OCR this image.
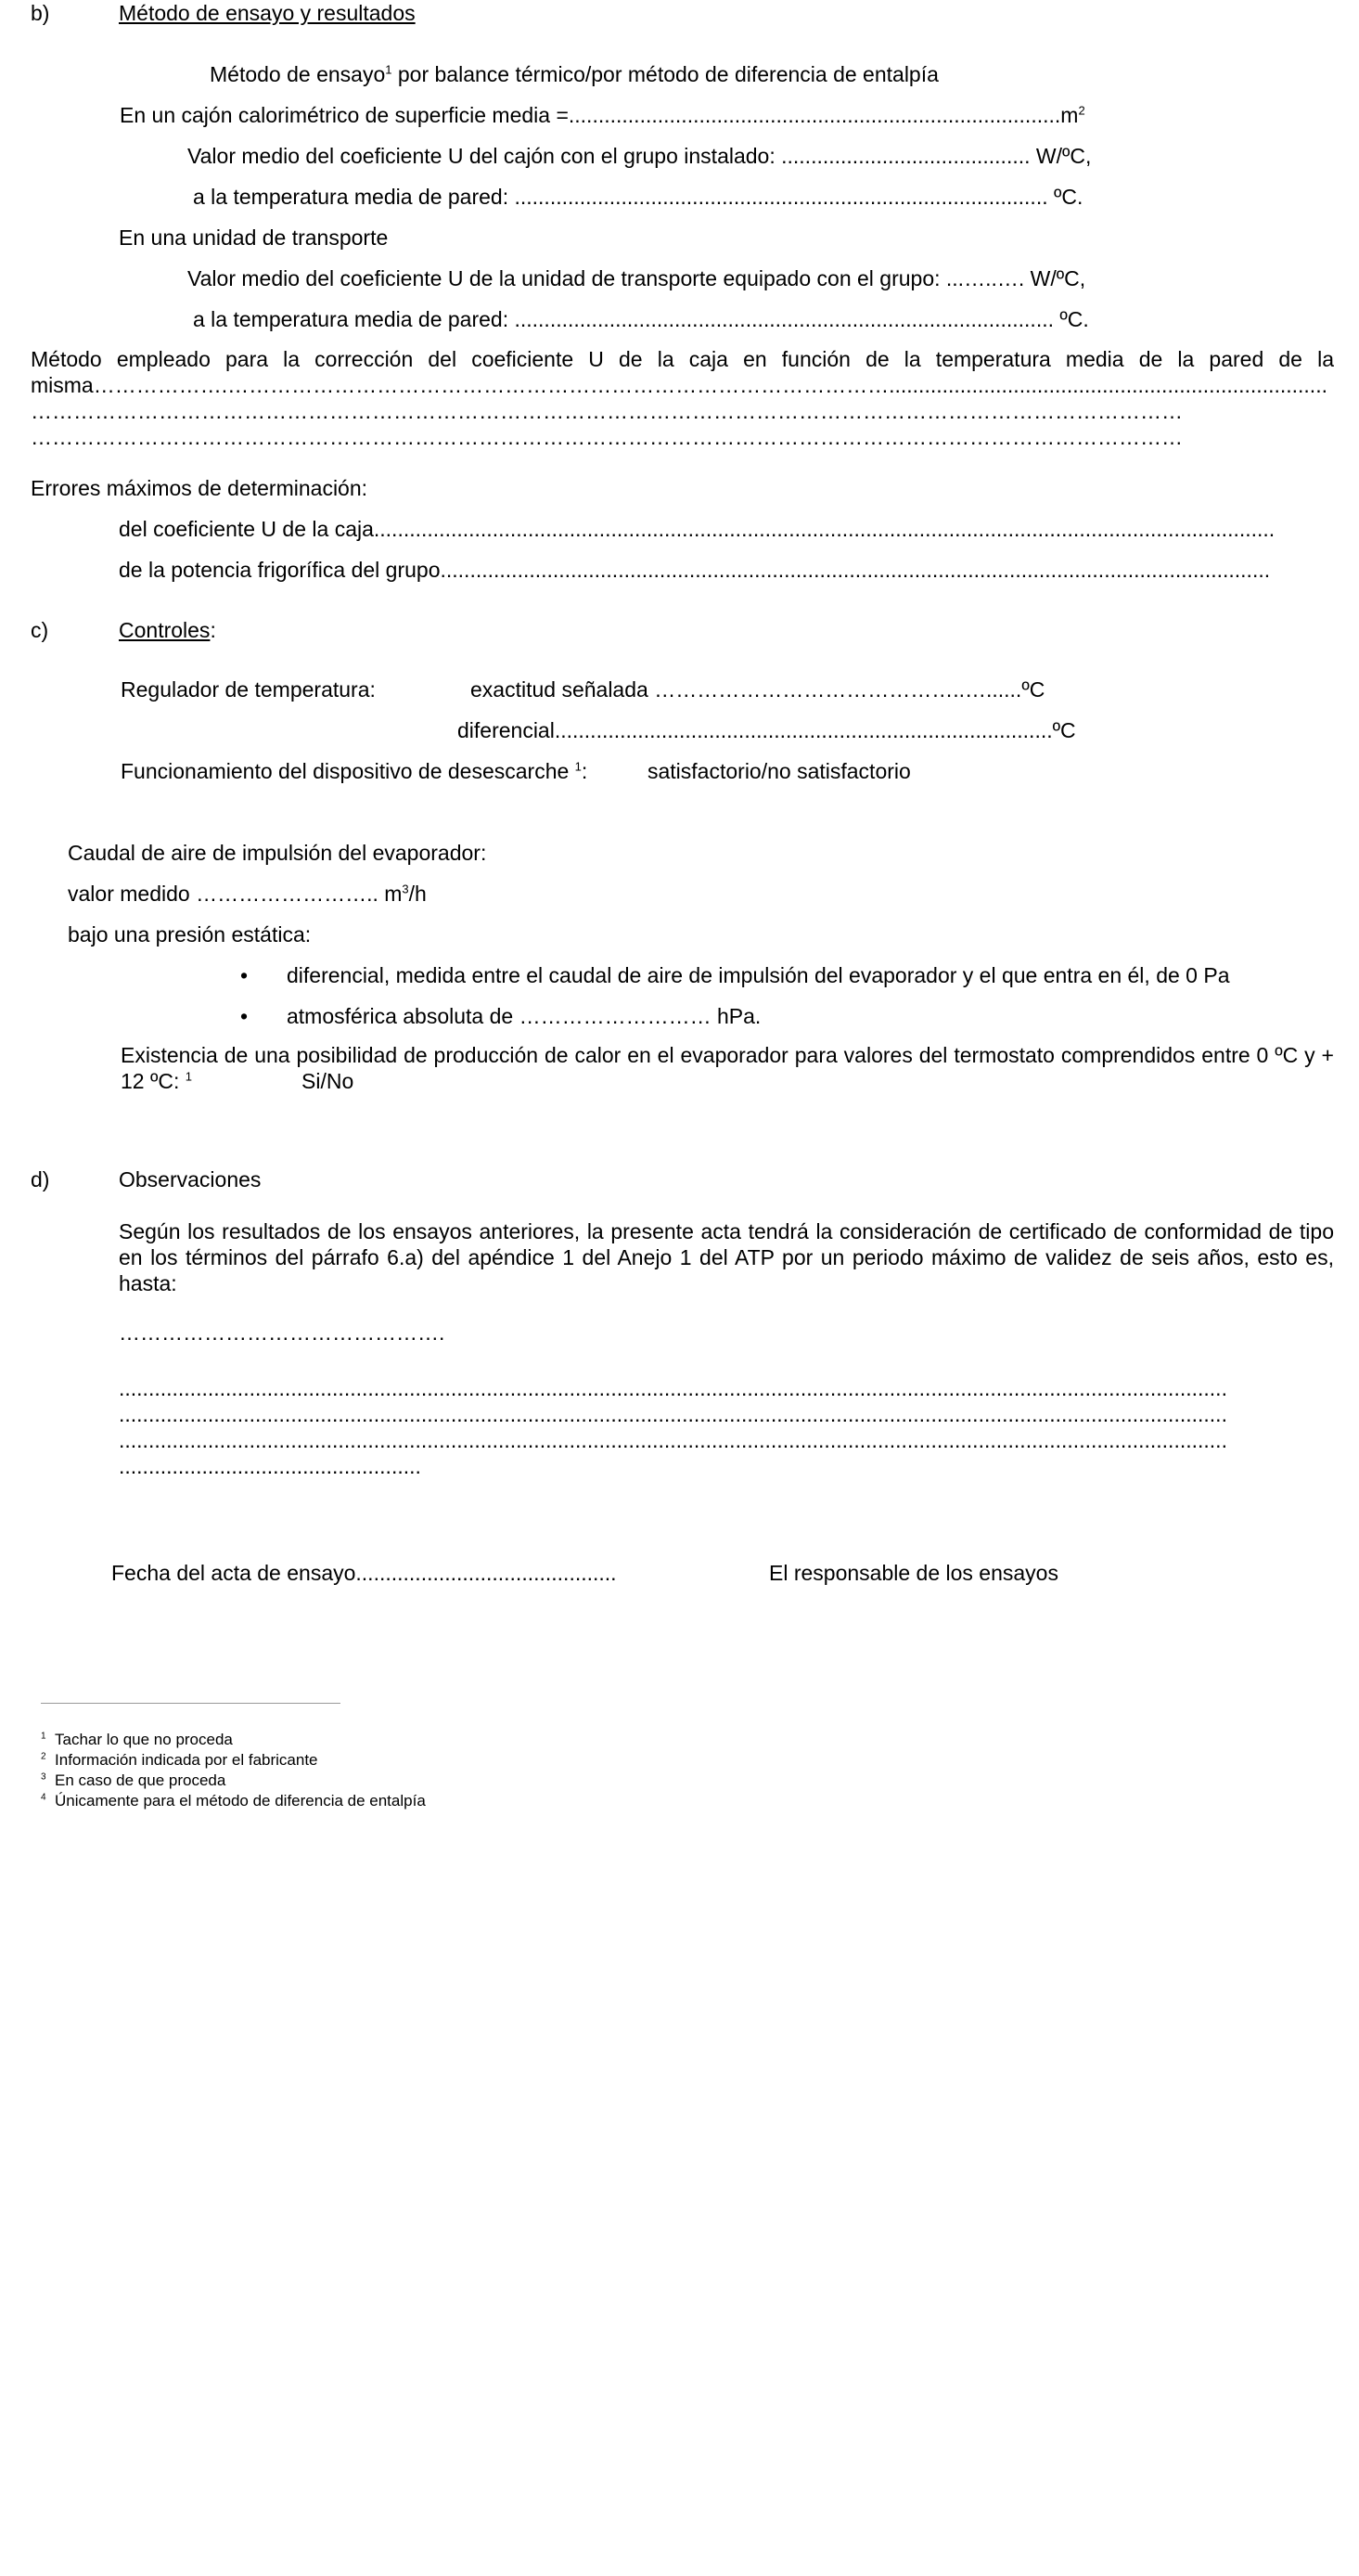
b)	Método de ensayo y resultados
Método de ensayo$^1$ por balance térmico/por método de diferencia de entalpía
En un cajón calorimétrico de superficie media $=...................................................................................m^2$
Valor medio del coeficiente U del cajón con el grupo instalado: .......................................... W/ºC,
a la temperatura media de pared: .......................................................................................... ºC.
En una unidad de transporte
Valor medio del coeficiente U de la unidad de transporte equipado con el grupo: ...…..…. W/ºC,
a la temperatura media de pared: ........................................................................................... ºC.
Método empleado para la corrección del coeficiente U de la caja en función de la temperatura media de la pared de la misma……………….………………………………………………………………………………….......................................................................... ……………………………………………………………………………………………………………………………………………… ………………………………………………………………………………………………………………………………………………
Errores máximos de determinación:
del coeficiente U de la caja........................................................................................................................................................
de la potencia frigorífica del grupo............................................................................................................................................
c)	Controles:
Regulador de temperatura:	exactitud señalada ……………………………………..…......ºC
diferencial....................................................................................ºC
Funcionamiento del dispositivo de desescarche $^1$:	satisfactorio/no satisfactorio
Caudal de aire de impulsión del evaporador:
valor medido …………………….. $m^3/h$
bajo una presión estática:
• diferencial, medida entre el caudal de aire de impulsión del evaporador y el que entra en él, de 0 Pa
• atmosférica absoluta de ……………………… hPa.
Existencia de una posibilidad de producción de calor en el evaporador para valores del termostato comprendidos entre 0 ºC y + 12 ºC: $^1$	Si/No
d)	Observaciones
Según los resultados de los ensayos anteriores, la presente acta tendrá la consideración de certificado de conformidad de tipo en los términos del párrafo 6.a) del apéndice 1 del Anejo 1 del ATP por un periodo máximo de validez de seis años, esto es, hasta:
……………………………………….
...........................................................................................................................................................................................
...........................................................................................................................................................................................
...........................................................................................................................................................................................
...................................................
Fecha del acta de ensayo............................................	El responsable de los ensayos
$^1$ Tachar lo que no proceda
$^2$ Información indicada por el fabricante
$^3$ En caso de que proceda
$^4$ Únicamente para el método de diferencia de entalpía
